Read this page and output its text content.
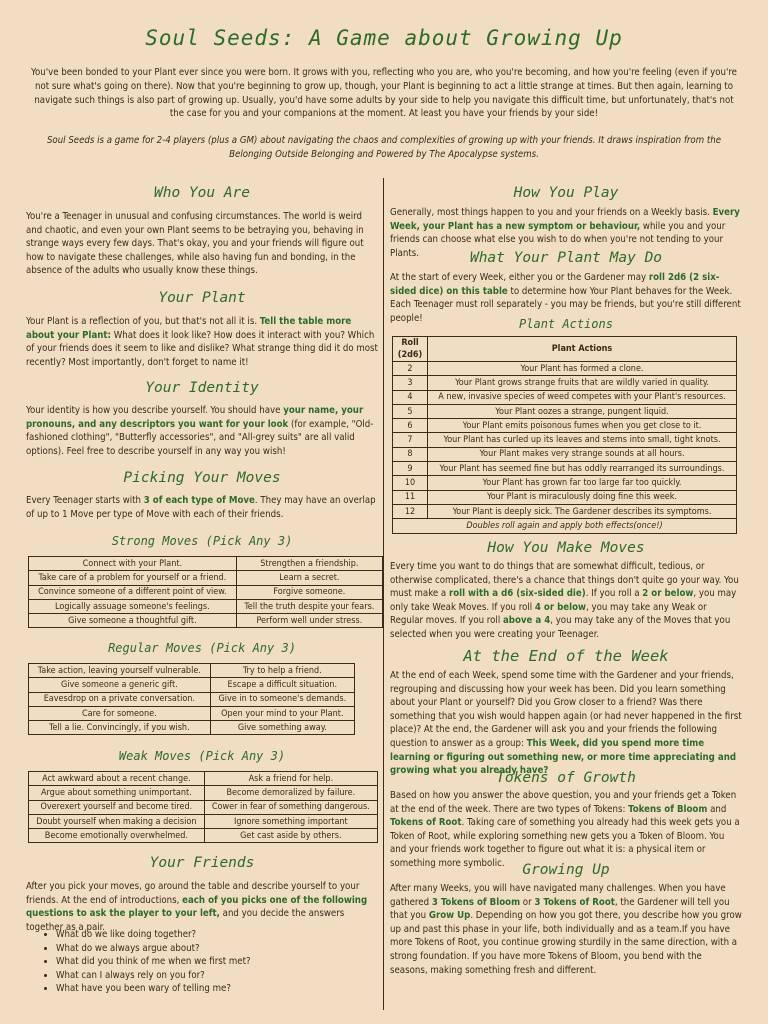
Soul Seeds: A Game about Growing Up
You've been bonded to your Plant ever since you were born. It grows with you, reflecting who you are, who you're becoming, and how you're feeling (even if you're not sure what's going on there). Now that you're beginning to grow up, though, your Plant is beginning to act a little strange at times. But then again, learning to navigate such things is also part of growing up. Usually, you'd have some adults by your side to help you navigate this difficult time, but unfortunately, that's not the case for you and your companions at the moment. At least you have your friends by your side!
Soul Seeds is a game for 2-4 players (plus a GM) about navigating the chaos and complexities of growing up with your friends. It draws inspiration from the Belonging Outside Belonging and Powered by The Apocalypse systems.
Who You Are
You're a Teenager in unusual and confusing circumstances. The world is weird and chaotic, and even your own Plant seems to be betraying you, behaving in strange ways every few days. That's okay, you and your friends will figure out how to navigate these challenges, while also having fun and bonding, in the absence of the adults who usually know these things.
Your Plant
Your Plant is a reflection of you, but that's not all it is. Tell the table more about your Plant: What does it look like? How does it interact with you? Which of your friends does it seem to like and dislike? What strange thing did it do most recently? Most importantly, don't forget to name it!
Your Identity
Your identity is how you describe yourself. You should have your name, your pronouns, and any descriptors you want for your look (for example, "Old-fashioned clothing", "Butterfly accessories", and "All-grey suits" are all valid options). Feel free to describe yourself in any way you wish!
Picking Your Moves
Every Teenager starts with 3 of each type of Move. They may have an overlap of up to 1 Move per type of Move with each of their friends.
Strong Moves (Pick Any 3)
Connect with your Plant.	Strengthen a friendship.
Take care of a problem for yourself or a friend.	Learn a secret.
Convince someone of a different point of view.	Forgive someone.
Logically assuage someone's feelings.	Tell the truth despite your fears.
Give someone a thoughtful gift.	Perform well under stress.
Regular Moves (Pick Any 3)
Take action, leaving yourself vulnerable.	Try to help a friend.
Give someone a generic gift.	Escape a difficult situation.
Eavesdrop on a private conversation.	Give in to someone's demands.
Care for someone.	Open your mind to your Plant.
Tell a lie. Convincingly, if you wish.	Give something away.
Weak Moves (Pick Any 3)
Act awkward about a recent change.	Ask a friend for help.
Argue about something unimportant.	Become demoralized by failure.
Overexert yourself and become tired.	Cower in fear of something dangerous.
Doubt yourself when making a decision	Ignore something important
Become emotionally overwhelmed.	Get cast aside by others.
Your Friends
After you pick your moves, go around the table and describe yourself to your friends. At the end of introductions, each of you picks one of the following questions to ask the player to your left, and you decide the answers together as a pair.
• What do we like doing together?
• What do we always argue about?
• What did you think of me when we first met?
• What can I always rely on you for?
• What have you been wary of telling me?
How You Play
Generally, most things happen to you and your friends on a Weekly basis. Every Week, your Plant has a new symptom or behaviour, while you and your friends can choose what else you wish to do when you're not tending to your Plants.	What Your Plant May Do
At the start of every Week, either you or the Gardener may roll 2d6 (2 six-sided dice) on this table to determine how Your Plant behaves for the Week. Each Teenager must roll separately - you may be friends, but you're still different people!	Plant Actions
Roll (2d6)	Plant Actions
2	Your Plant has formed a clone.
3	Your Plant grows strange fruits that are wildly varied in quality.
4	A new, invasive species of weed competes with your Plant's resources.
5	Your Plant oozes a strange, pungent liquid.
6	Your Plant emits poisonous fumes when you get close to it.
7	Your Plant has curled up its leaves and stems into small, tight knots.
8	Your Plant makes very strange sounds at all hours.
9	Your Plant has seemed fine but has oddly rearranged its surroundings.
10	Your Plant has grown far too large far too quickly.
11	Your Plant is miraculously doing fine this week.
12	Your Plant is deeply sick. The Gardener describes its symptoms.
Doubles roll again and apply both effects(once!)	
How You Make Moves
Every time you want to do things that are somewhat difficult, tedious, or otherwise complicated, there's a chance that things don't quite go your way. You must make a roll with a d6 (six-sided die). If you roll a 2 or below, you may only take Weak Moves. If you roll 4 or below, you may take any Weak or Regular moves. If you roll above a 4, you may take any of the Moves that you selected when you were creating your Teenager.
At the End of the Week
At the end of each Week, spend some time with the Gardener and your friends, regrouping and discussing how your week has been. Did you learn something about your Plant or yourself? Did you Grow closer to a friend? Was there something that you wish would happen again (or had never happened in the first place)? At the end, the Gardener will ask you and your friends the following question to answer as a group: This Week, did you spend more time learning or figuring out something new, or more time appreciating and growing what you already have?
Tokens of Growth
Based on how you answer the above question, you and your friends get a Token at the end of the week. There are two types of Tokens: Tokens of Bloom and Tokens of Root. Taking care of something you already had this week gets you a Token of Root, while exploring something new gets you a Token of Bloom. You and your friends work together to figure out what it is: a physical item or something more symbolic.	Growing Up
After many Weeks, you will have navigated many challenges. When you have gathered 3 Tokens of Bloom or 3 Tokens of Root, the Gardener will tell you that you Grow Up. Depending on how you got there, you describe how you grow up and past this phase in your life, both individually and as a team.If you have more Tokens of Root, you continue growing sturdily in the same direction, with a strong foundation. If you have more Tokens of Bloom, you bend with the seasons, making something fresh and different.
